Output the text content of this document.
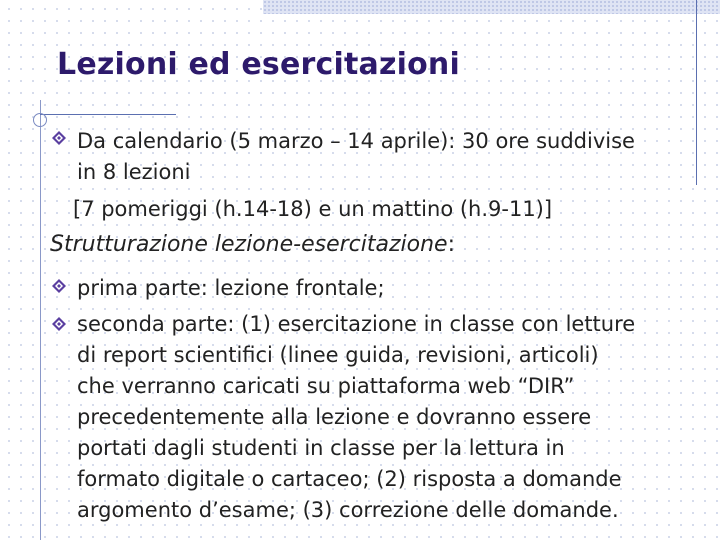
Lezioni ed esercitazioni
Da calendario (5 marzo – 14 aprile): 30 ore suddivise
in 8 lezioni
[7 pomeriggi (h.14-18) e un mattino (h.9-11)]
Strutturazione lezione-esercitazione:
prima parte: lezione frontale;
seconda parte: (1) esercitazione in classe con letture
di report scientifici (linee guida, revisioni, articoli)
che verranno caricati su piattaforma web “DIR”
precedentemente alla lezione e dovranno essere
portati dagli studenti in classe per la lettura in
formato digitale o cartaceo; (2) risposta a domande
argomento d’esame; (3) correzione delle domande.
